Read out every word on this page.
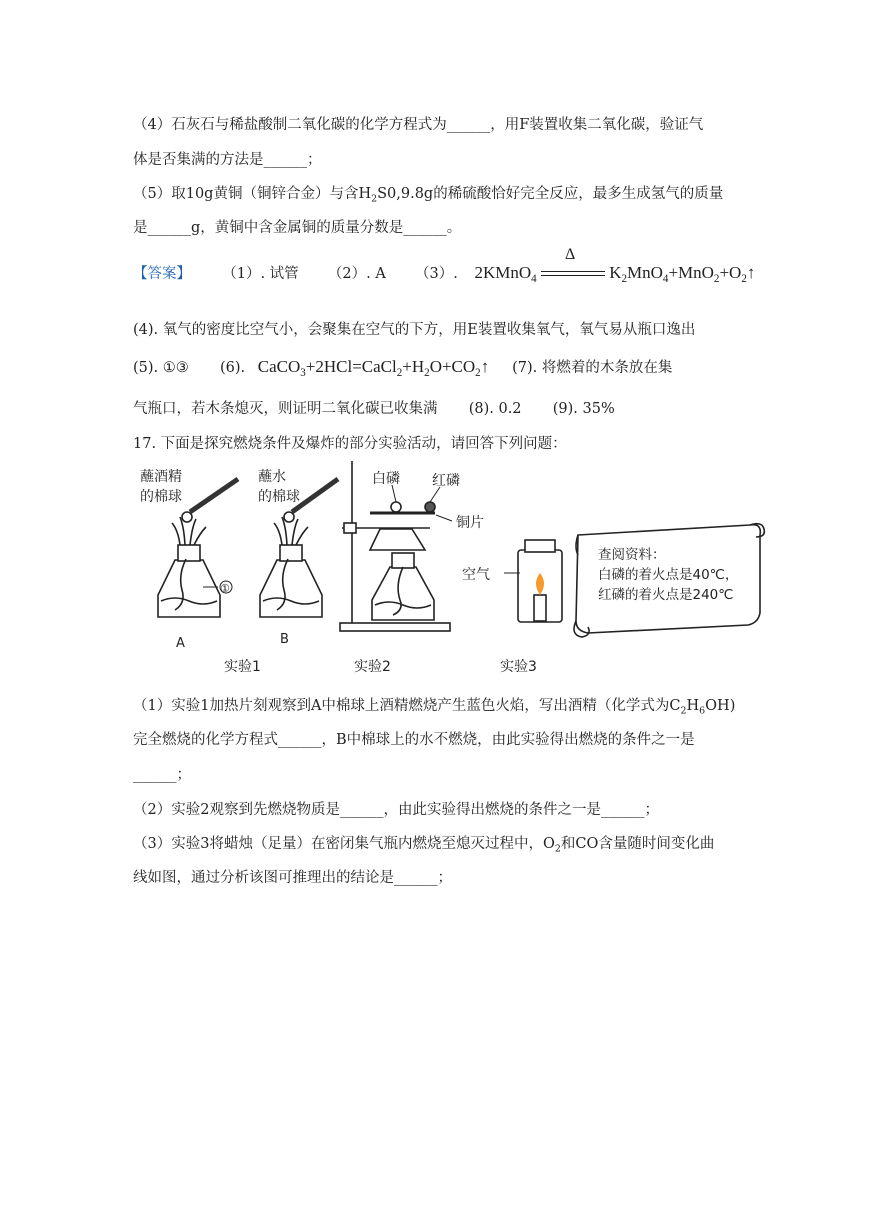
（4）石灰石与稀盐酸制二氧化碳的化学方程式为______，用F装置收集二氧化碳，验证气
体是否集满的方法是______；
（5）取10g黄铜（铜锌合金）与含$H_2S0,9.8g$的稀硫酸恰好完全反应，最多生成氢气的质量
是______g，黄铜中含金属铜的质量分数是______。
【答案】 （1）. 试管 （2）. A （3）. 2KMnO$_4$
Δ
$K_2MnO_4+MnO_2+O_2↑$
(4). 氧气的密度比空气小，会聚集在空气的下方，用E装置收集氧气，氧气易从瓶口逸出
(5). ①③ (6). $CaCO_3+2HCl=CaCl_2+H_2O+CO_2↑$ (7). 将燃着的木条放在集
气瓶口，若木条熄灭，则证明二氧化碳已收集满 (8). 0.2 (9). 35%
17. 下面是探究燃烧条件及爆炸的部分实验活动，请回答下列问题：
蘸酒精
的棉球
蘸水
的棉球
①
A	B
白磷 红磷
铜片
空气
查阅资料：
白磷的着火点是40℃，
红磷的着火点是240℃
实验1	实验2	实验3
（1）实验1加热片刻观察到A中棉球上酒精燃烧产生蓝色火焰，写出酒精（化学式为$C_2H_6OH$)
完全燃烧的化学方程式______，B中棉球上的水不燃烧，由此实验得出燃烧的条件之一是
______；
（2）实验2观察到先燃烧物质是______，由此实验得出燃烧的条件之一是______；
（3）实验3将蜡烛（足量）在密闭集气瓶内燃烧至熄灭过程中，$O_2$和CO含量随时间变化曲
线如图，通过分析该图可推理出的结论是______；
